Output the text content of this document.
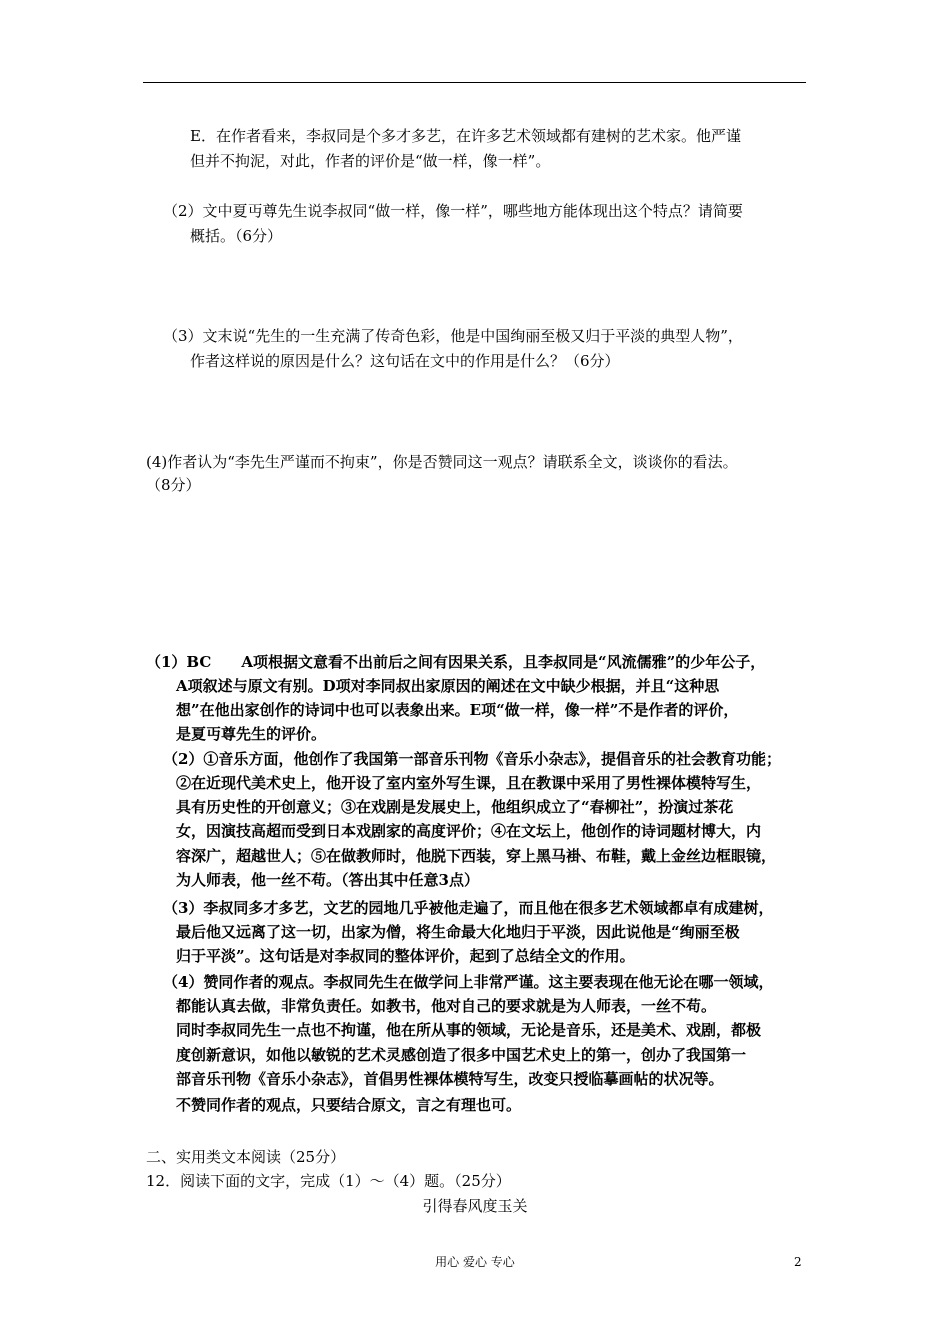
E．在作者看来，李叔同是个多才多艺，在许多艺术领域都有建树的艺术家。他严谨
但并不拘泥，对此，作者的评价是“做一样，像一样”。
（2）文中夏丏尊先生说李叔同“做一样，像一样”，哪些地方能体现出这个特点？请简要
概括。（6分）
（3）文末说“先生的一生充满了传奇色彩，他是中国绚丽至极又归于平淡的典型人物”，
作者这样说的原因是什么？这句话在文中的作用是什么？（6分）
(4)作者认为“李先生严谨而不拘束”，你是否赞同这一观点？请联系全文，谈谈你的看法。
（8分）
（1）BC　　A项根据文意看不出前后之间有因果关系，且李叔同是“风流儒雅”的少年公子，
A项叙述与原文有别。D项对李同叔出家原因的阐述在文中缺少根据，并且“这种思
想”在他出家创作的诗词中也可以表象出来。E项“做一样，像一样”不是作者的评价，
是夏丏尊先生的评价。
（2）①音乐方面，他创作了我国第一部音乐刊物《音乐小杂志》，提倡音乐的社会教育功能；
②在近现代美术史上，他开设了室内室外写生课，且在教课中采用了男性裸体模特写生，
具有历史性的开创意义；③在戏剧是发展史上，他组织成立了“春柳社”，扮演过茶花
女，因演技高超而受到日本戏剧家的高度评价；④在文坛上，他创作的诗词题材博大，内
容深广，超越世人；⑤在做教师时，他脱下西装，穿上黑马褂、布鞋，戴上金丝边框眼镜，
为人师表，他一丝不苟。（答出其中任意3点）
（3）李叔同多才多艺，文艺的园地几乎被他走遍了，而且他在很多艺术领域都卓有成建树，
最后他又远离了这一切，出家为僧，将生命最大化地归于平淡，因此说他是“绚丽至极
归于平淡”。这句话是对李叔同的整体评价，起到了总结全文的作用。
（4）赞同作者的观点。李叔同先生在做学问上非常严谨。这主要表现在他无论在哪一领域，
都能认真去做，非常负责任。如教书，他对自己的要求就是为人师表，一丝不苟。
同时李叔同先生一点也不拘谨，他在所从事的领域，无论是音乐，还是美术、戏剧，都极
度创新意识，如他以敏锐的艺术灵感创造了很多中国艺术史上的第一，创办了我国第一
部音乐刊物《音乐小杂志》，首倡男性裸体模特写生，改变只授临摹画帖的状况等。
不赞同作者的观点，只要结合原文，言之有理也可。
二、实用类文本阅读（25分）
12．阅读下面的文字，完成（1）～（4）题。（25分）
引得春风度玉关
用心 爱心 专心	2
